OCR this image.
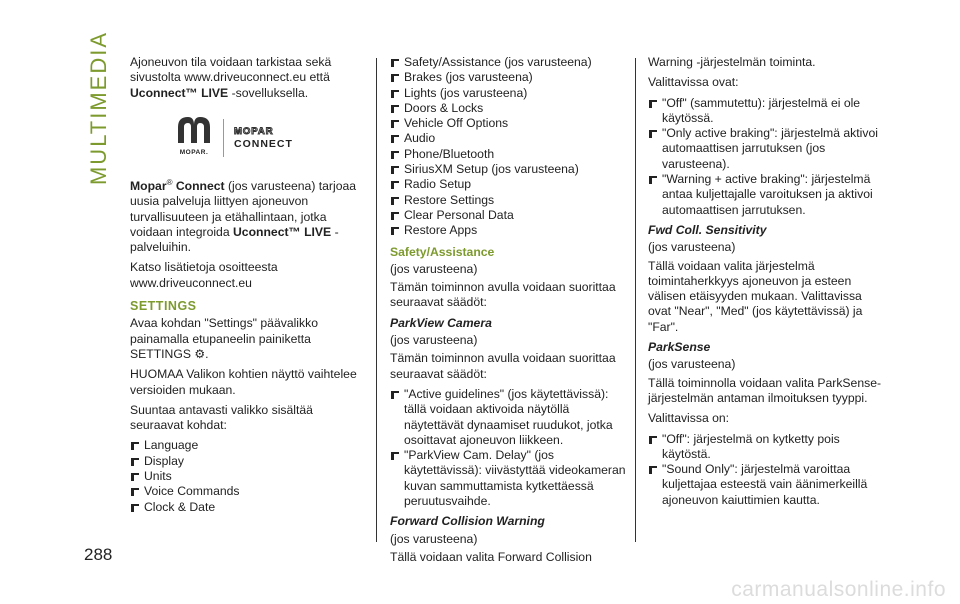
MULTIMEDIA
288

Ajoneuvon tila voidaan tarkistaa sekä sivustolta www.driveuconnect.eu että Uconnect™ LIVE -sovelluksella.

MOPAR.
MOPAR
CONNECT

Mopar® Connect (jos varusteena) tarjoaa uusia palveluja liittyen ajoneuvon turvallisuuteen ja etähallintaan, jotka voidaan integroida Uconnect™ LIVE -palveluihin.

Katso lisätietoja osoitteesta www.driveuconnect.eu

SETTINGS

Avaa kohdan "Settings" päävalikko painamalla etupaneelin painiketta SETTINGS ⚙.

HUOMAA Valikon kohtien näyttö vaihtelee versioiden mukaan.

Suuntaa antavasti valikko sisältää seuraavat kohdat:

Language
Display
Units
Voice Commands
Clock & Date
Safety/Assistance (jos varusteena)
Brakes (jos varusteena)
Lights (jos varusteena)
Doors & Locks
Vehicle Off Options
Audio
Phone/Bluetooth
SiriusXM Setup (jos varusteena)
Radio Setup
Restore Settings
Clear Personal Data
Restore Apps
Safety/Assistance

(jos varusteena)

Tämän toiminnon avulla voidaan suorittaa seuraavat säädöt:

ParkView Camera

(jos varusteena)

Tämän toiminnon avulla voidaan suorittaa seuraavat säädöt:

"Active guidelines" (jos käytettävissä): tällä voidaan aktivoida näytöllä näytettävät dynaamiset ruudukot, jotka osoittavat ajoneuvon liikkeen.
"ParkView Cam. Delay" (jos käytettävissä): viivästyttää videokameran kuvan sammuttamista kytkettäessä peruutusvaihde.
Forward Collision Warning

(jos varusteena)

Tällä voidaan valita Forward Collision

Warning -järjestelmän toiminta.

Valittavissa ovat:

"Off" (sammutettu): järjestelmä ei ole käytössä.
"Only active braking": järjestelmä aktivoi automaattisen jarrutuksen (jos varusteena).
"Warning + active braking": järjestelmä antaa kuljettajalle varoituksen ja aktivoi automaattisen jarrutuksen.
Fwd Coll. Sensitivity

(jos varusteena)

Tällä voidaan valita järjestelmä toimintaherkkyys ajoneuvon ja esteen välisen etäisyyden mukaan. Valittavissa ovat "Near", "Med" (jos käytettävissä) ja "Far".

ParkSense

(jos varusteena)

Tällä toiminnolla voidaan valita ParkSense-järjestelmän antaman ilmoituksen tyyppi.

Valittavissa on:

"Off": järjestelmä on kytketty pois käytöstä.
"Sound Only": järjestelmä varoittaa kuljettajaa esteestä vain äänimerkeillä ajoneuvon kaiuttimien kautta.
carmanualsonline.info
